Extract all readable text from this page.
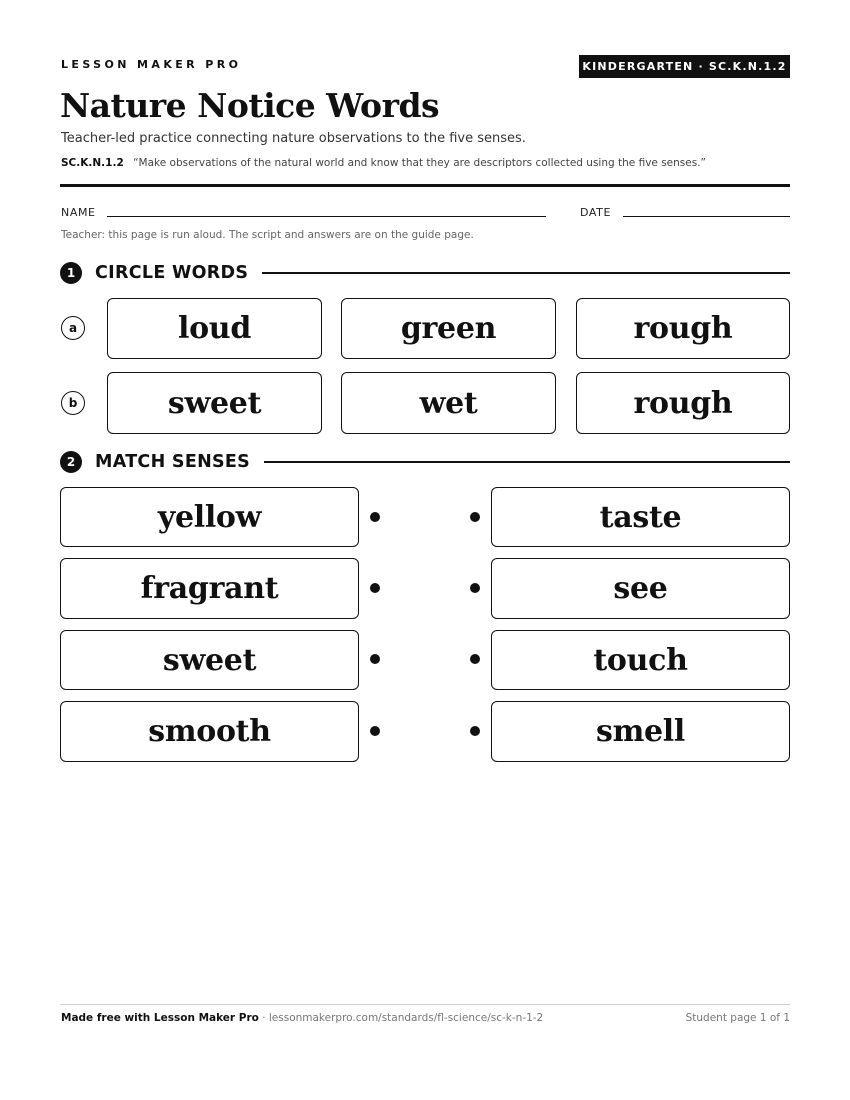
LESSON MAKER PRO	KINDERGARTEN · SC.K.N.1.2
Nature Notice Words
Teacher-led practice connecting nature observations to the five senses.
SC.K.N.1.2 “Make observations of the natural world and know that they are descriptors collected using the five senses.”
NAME	DATE
Teacher: this page is run aloud. The script and answers are on the guide page.
1	CIRCLE WORDS
a	loud	green	rough
b	sweet	wet	rough
2	MATCH SENSES
yellow	taste
fragrant	see
sweet	touch
smooth	smell
Made free with Lesson Maker Pro · lessonmakerpro.com/standards/fl-science/sc-k-n-1-2	Student page 1 of 1
